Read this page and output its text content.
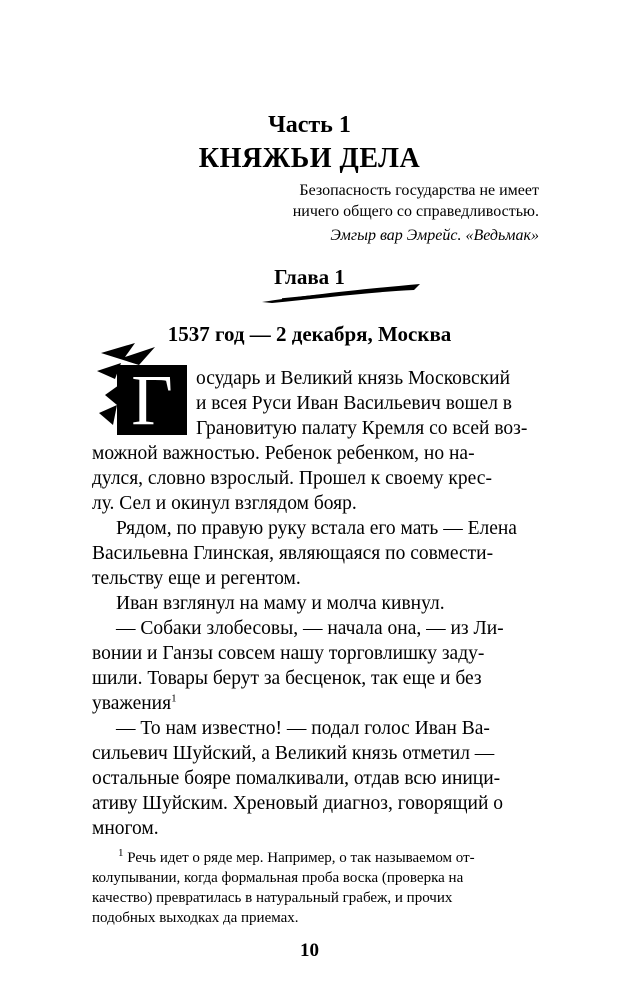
Часть 1
КНЯЖЬИ ДЕЛА
Безопасность государства не имеет
ничего общего со справедливостью.
Эмгыр вар Эмрейс. «Ведьмак»
Глава 1
1537 год — 2 декабря, Москва
Г	осударь и Великий князь Московский
и всея Руси Иван Васильевич вошел в
Грановитую палату Кремля со всей воз-
можной важностью. Ребенок ребенком, но на-
дулся, словно взрослый. Прошел к своему крес-
лу. Сел и окинул взглядом бояр.
Рядом, по правую руку встала его мать — Елена
Васильевна Глинская, являющаяся по совмести-
тельству еще и регентом.
Иван взглянул на маму и молча кивнул.
— Собаки злобесовы, — начала она, — из Ли-
вонии и Ганзы совсем нашу торговлишку заду-
шили. Товары берут за бесценок, так еще и без
уважения$^1$
— То нам известно! — подал голос Иван Ва-
сильевич Шуйский, а Великий князь отметил —
остальные бояре помалкивали, отдав всю иници-
ативу Шуйским. Хреновый диагноз, говорящий о
многом.
$^1$ Речь идет о ряде мер. Например, о так называемом от-
колупывании, когда формальная проба воска (проверка на
качество) превратилась в натуральный грабеж, и прочих
подобных выходках да приемах.
10
